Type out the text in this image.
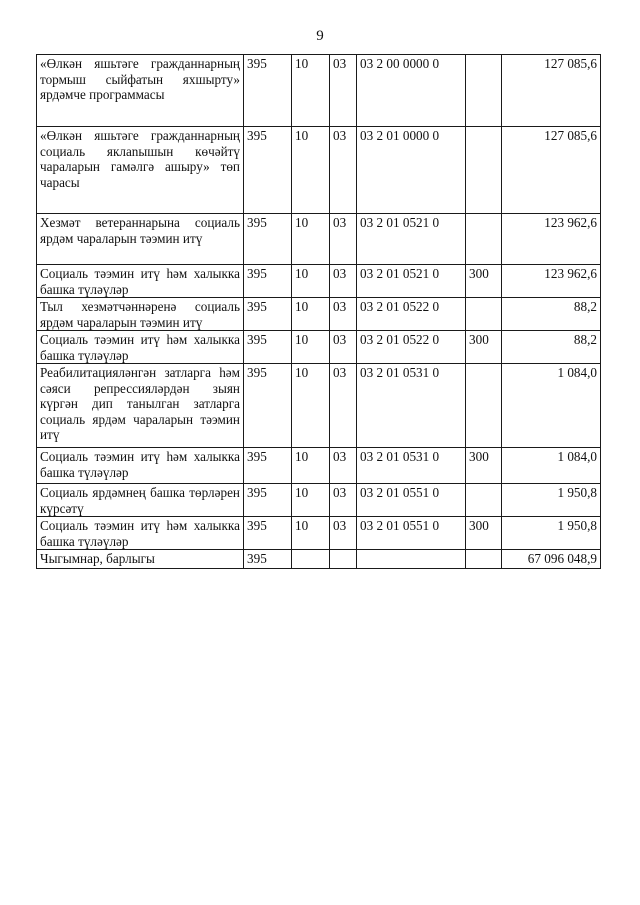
9
«Өлкән яшьтәге гражданнарның тормыш сыйфатын яхшырту» ярдәмче программасы	395	10	03	03 2 00 0000 0		127 085,6
«Өлкән яшьтәге гражданнарның социаль яклanышын көчәйтү чараларын гамәлгә ашыру» төп чарасы	395	10	03	03 2 01 0000 0		127 085,6
Хезмәт ветераннарына социаль ярдәм чараларын тәэмин итү	395	10	03	03 2 01 0521 0		123 962,6
Социаль тәэмин итү һәм халыкка башка түләүләр	395	10	03	03 2 01 0521 0	300	123 962,6
Тыл хезмәтчәннәренә социаль ярдәм чараларын тәэмин итү	395	10	03	03 2 01 0522 0		88,2
Социаль тәэмин итү һәм халыкка башка түләүләр	395	10	03	03 2 01 0522 0	300	88,2
Реабилитацияләнгән затларга һәм сәяси репрессияләрдән зыян күргән дип танылган затларга социаль ярдәм чараларын тәэмин итү	395	10	03	03 2 01 0531 0		1 084,0
Социаль тәэмин итү һәм халыкка башка түләүләр	395	10	03	03 2 01 0531 0	300	1 084,0
Социаль ярдәмнең башка төрләрен күрсәтү	395	10	03	03 2 01 0551 0		1 950,8
Социаль тәэмин итү һәм халыкка башка түләүләр	395	10	03	03 2 01 0551 0	300	1 950,8
Чыгымнар, барлыгы	395					67 096 048,9
